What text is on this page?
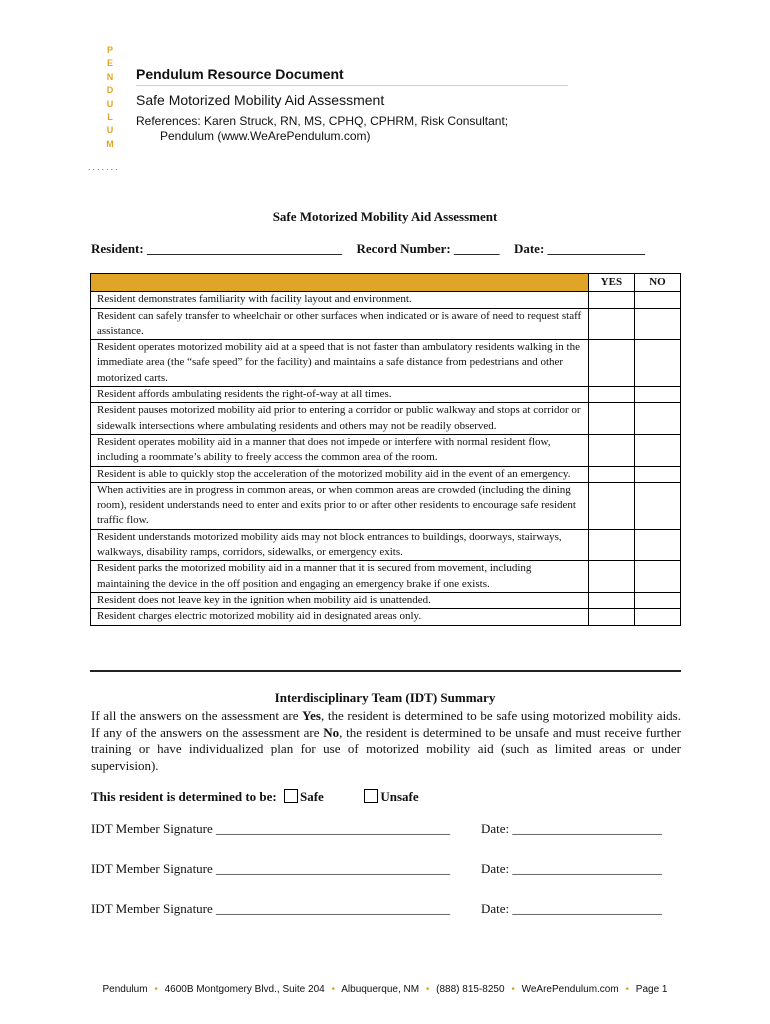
P
E
N
D
U
L
U
M
.......
Pendulum Resource Document
Safe Motorized Mobility Aid Assessment
References: Karen Struck, RN, MS, CPHQ, CPHRM, Risk Consultant;
Pendulum (www.WeArePendulum.com)
Safe Motorized Mobility Aid Assessment
Resident: ______________________________ Record Number: _______ Date: _______________
	YES	NO
Resident demonstrates familiarity with facility layout and environment.		
Resident can safely transfer to wheelchair or other surfaces when indicated or is aware of need to request staff assistance.		
Resident operates motorized mobility aid at a speed that is not faster than ambulatory residents walking in the immediate area (the “safe speed” for the facility) and maintains a safe distance from pedestrians and other motorized carts.		
Resident affords ambulating residents the right-of-way at all times.		
Resident pauses motorized mobility aid prior to entering a corridor or public walkway and stops at corridor or sidewalk intersections where ambulating residents and others may not be readily observed.		
Resident operates mobility aid in a manner that does not impede or interfere with normal resident flow, including a roommate’s ability to freely access the common area of the room.		
Resident is able to quickly stop the acceleration of the motorized mobility aid in the event of an emergency.		
When activities are in progress in common areas, or when common areas are crowded (including the dining room), resident understands need to enter and exits prior to or after other residents to encourage safe resident traffic flow.		
Resident understands motorized mobility aids may not block entrances to buildings, doorways, stairways, walkways, disability ramps, corridors, sidewalks, or emergency exits.		
Resident parks the motorized mobility aid in a manner that it is secured from movement, including maintaining the device in the off position and engaging an emergency brake if one exists.		
Resident does not leave key in the ignition when mobility aid is unattended.		
Resident charges electric motorized mobility aid in designated areas only.		
Interdisciplinary Team (IDT) Summary
If all the answers on the assessment are Yes, the resident is determined to be safe using motorized mobility aids. If any of the answers on the assessment are No, the resident is determined to be unsafe and must receive further training or have individualized plan for use of motorized mobility aid (such as limited areas or under supervision).
This resident is determined to be: Safe	Unsafe
IDT Member Signature ____________________________________ Date: _______________________
IDT Member Signature ____________________________________ Date: _______________________
IDT Member Signature ____________________________________ Date: _______________________
Pendulum • 4600B Montgomery Blvd., Suite 204 • Albuquerque, NM • (888) 815-8250 • WeArePendulum.com • Page 1
